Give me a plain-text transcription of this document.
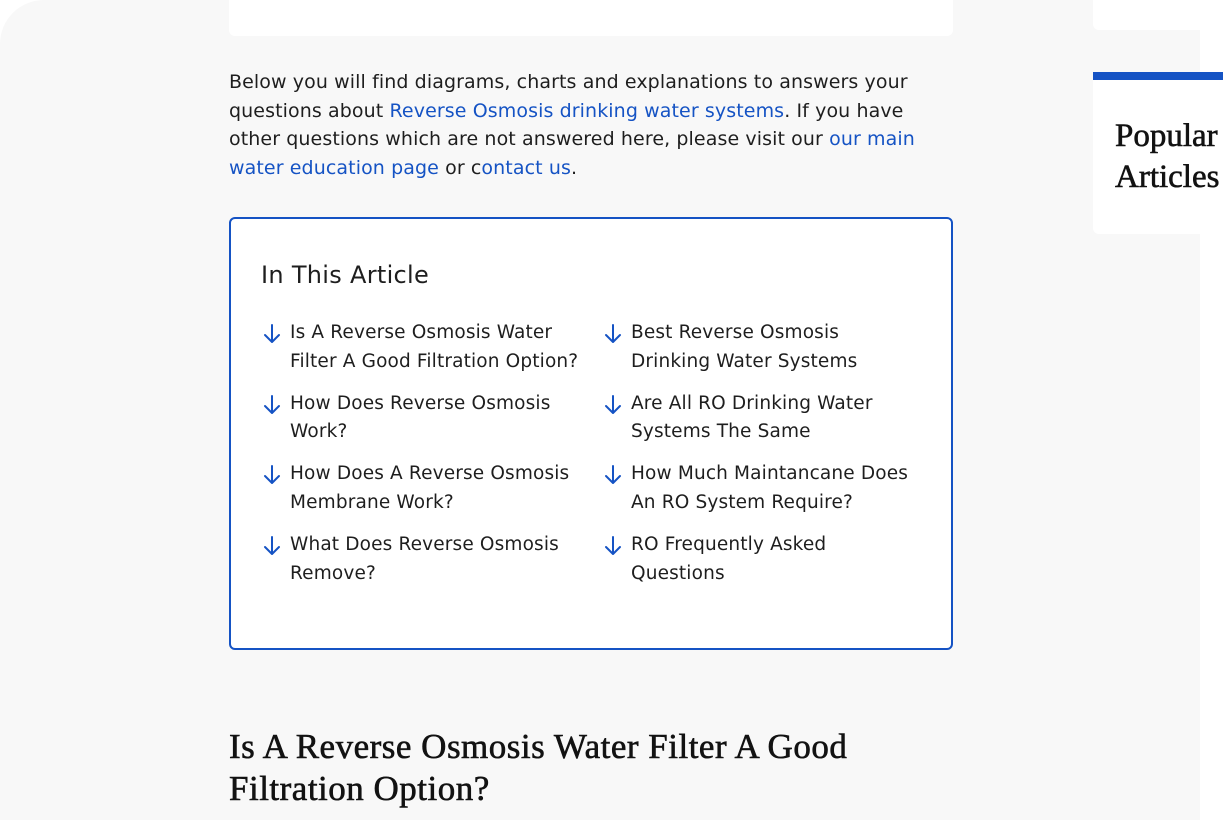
Below you will find diagrams, charts and explanations to answers your questions about Reverse Osmosis drinking water systems. If you have other questions which are not answered here, please visit our our main water education page or contact us.

In This Article
Is A Reverse Osmosis Water Filter A Good Filtration Option?
How Does Reverse Osmosis Work?
How Does A Reverse Osmosis Membrane Work?
What Does Reverse Osmosis Remove?
Best Reverse Osmosis Drinking Water Systems
Are All RO Drinking Water Systems The Same
How Much Maintancane Does An RO System Require?
RO Frequently Asked Questions
Is A Reverse Osmosis Water Filter A Good Filtration Option?
Popular
Articles
